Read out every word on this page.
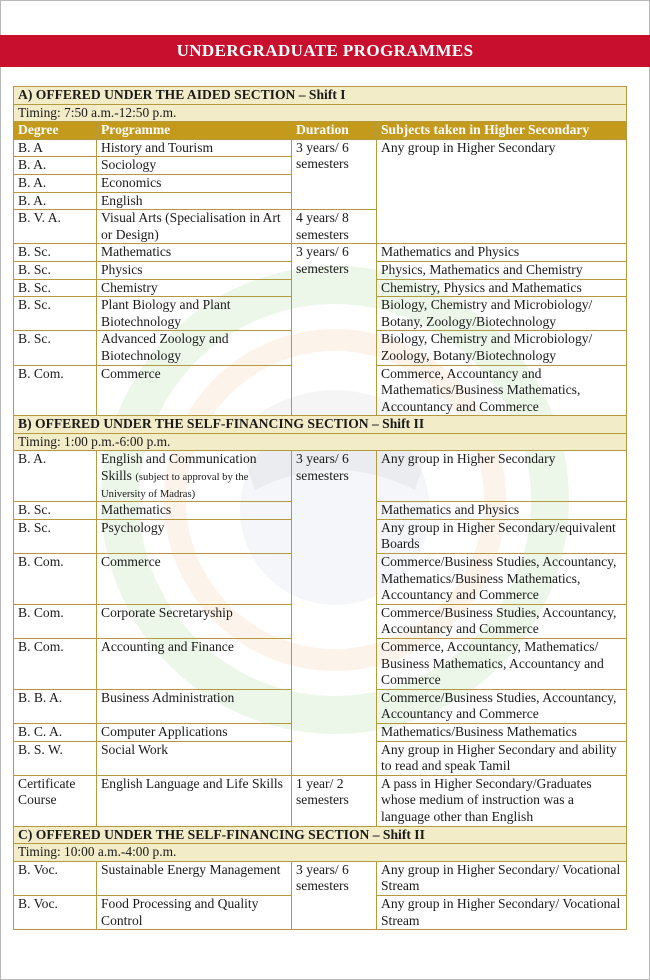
UNDERGRADUATE PROGRAMMES
A) OFFERED UNDER THE AIDED SECTION – Shift I			
Timing: 7:50 a.m.-12:50 p.m.			
Degree	Programme	Duration	Subjects taken in Higher Secondary
B. A	History and Tourism	3 years/ 6 semesters	Any group in Higher Secondary
B. A.	Sociology		
B. A.	Economics		
B. A.	English		
B. V. A.	Visual Arts (Specialisation in Art or Design)	4 years/ 8 semesters	
B. Sc.	Mathematics	3 years/ 6 semesters	Mathematics and Physics
B. Sc.	Physics		Physics, Mathematics and Chemistry
B. Sc.	Chemistry		Chemistry, Physics and Mathematics
B. Sc.	Plant Biology and Plant Biotechnology		Biology, Chemistry and Microbiology/ Botany, Zoology/Biotechnology
B. Sc.	Advanced Zoology and Biotechnology		Biology, Chemistry and Microbiology/ Zoology, Botany/Biotechnology
B. Com.	Commerce		Commerce, Accountancy and Mathematics/Business Mathematics, Accountancy and Commerce
B) OFFERED UNDER THE SELF-FINANCING SECTION – Shift II			
Timing: 1:00 p.m.-6:00 p.m.			
B. A.	English and Communication Skills (subject to approval by the University of Madras)	3 years/ 6 semesters	Any group in Higher Secondary
B. Sc.	Mathematics		Mathematics and Physics
B. Sc.	Psychology		Any group in Higher Secondary/equivalent Boards
B. Com.	Commerce		Commerce/Business Studies, Accountancy, Mathematics/Business Mathematics, Accountancy and Commerce
B. Com.	Corporate Secretaryship		Commerce/Business Studies, Accountancy, Accountancy and Commerce
B. Com.	Accounting and Finance		Commerce, Accountancy, Mathematics/ Business Mathematics, Accountancy and Commerce
B. B. A.	Business Administration		Commerce/Business Studies, Accountancy, Accountancy and Commerce
B. C. A.	Computer Applications		Mathematics/Business Mathematics
B. S. W.	Social Work		Any group in Higher Secondary and ability to read and speak Tamil
Certificate Course	English Language and Life Skills	1 year/ 2 semesters	A pass in Higher Secondary/Graduates whose medium of instruction was a language other than English
C) OFFERED UNDER THE SELF-FINANCING SECTION – Shift II			
Timing: 10:00 a.m.-4:00 p.m.			
B. Voc.	Sustainable Energy Management	3 years/ 6 semesters	Any group in Higher Secondary/ Vocational Stream
B. Voc.	Food Processing and Quality Control		Any group in Higher Secondary/ Vocational Stream
